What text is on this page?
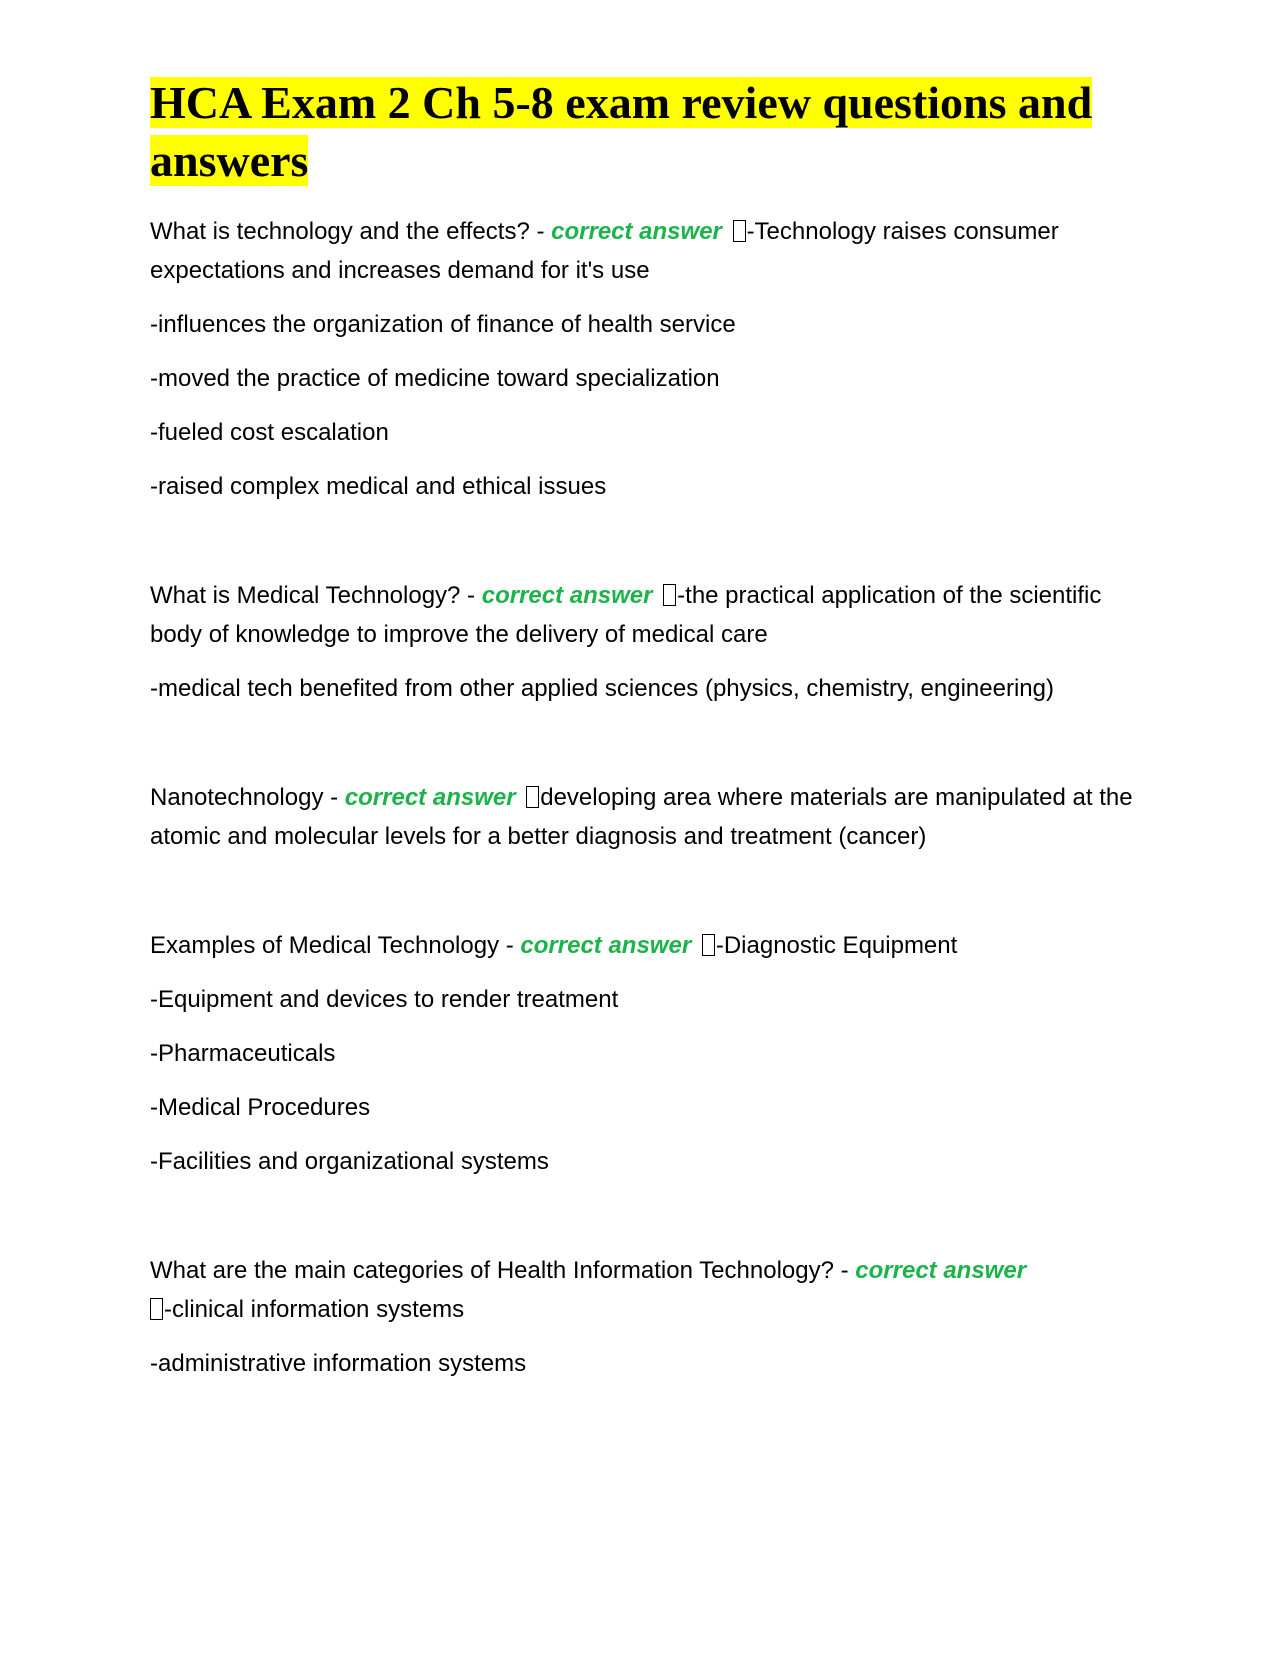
HCA Exam 2 Ch 5-8 exam review questions and answers

What is technology and the effects? - correct answer -Technology raises consumer expectations and increases demand for it's use

-influences the organization of finance of health service

-moved the practice of medicine toward specialization

-fueled cost escalation

-raised complex medical and ethical issues

What is Medical Technology? - correct answer -the practical application of the scientific body of knowledge to improve the delivery of medical care

-medical tech benefited from other applied sciences (physics, chemistry, engineering)

Nanotechnology - correct answer developing area where materials are manipulated at the atomic and molecular levels for a better diagnosis and treatment (cancer)

Examples of Medical Technology - correct answer -Diagnostic Equipment

-Equipment and devices to render treatment

-Pharmaceuticals

-Medical Procedures

-Facilities and organizational systems

What are the main categories of Health Information Technology? - correct answer
-clinical information systems

-administrative information systems
